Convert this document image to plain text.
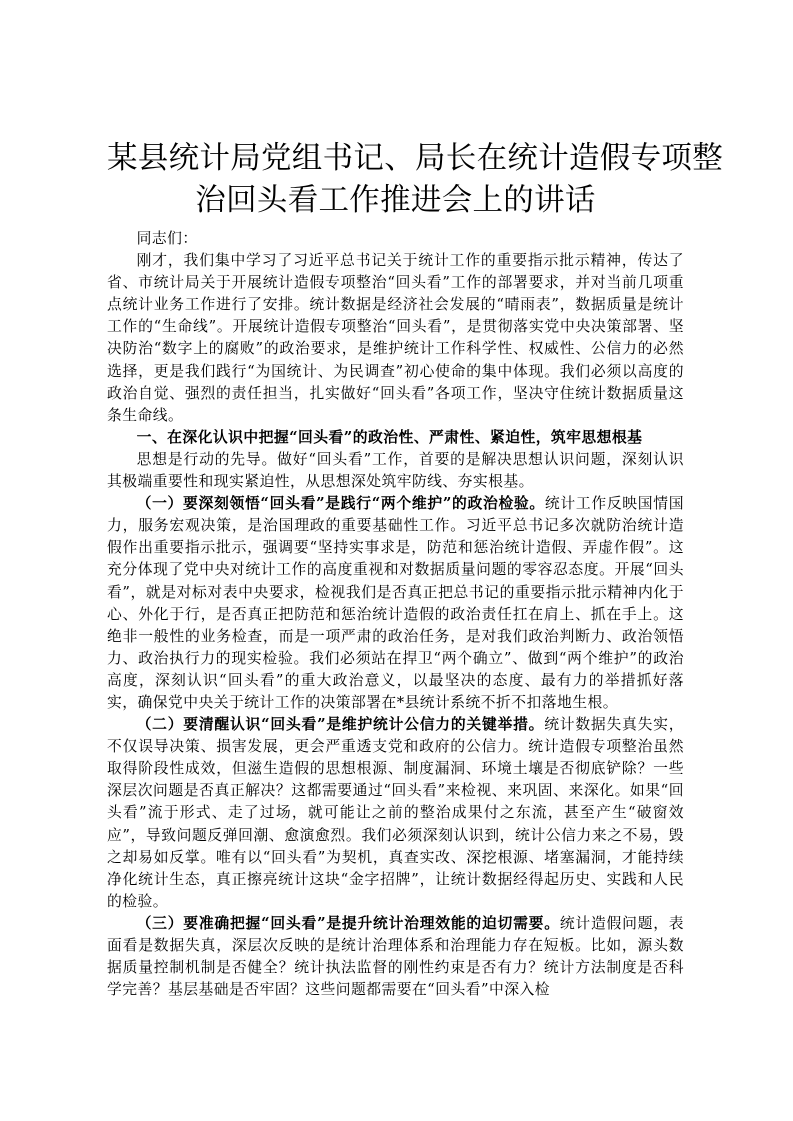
某县统计局党组书记、局长在统计造假专项整
治回头看工作推进会上的讲话

同志们：

刚才，我们集中学习了习近平总书记关于统计工作的重要指示批示精神，传达了省、市统计局关于开展统计造假专项整治“回头看”工作的部署要求，并对当前几项重点统计业务工作进行了安排。统计数据是经济社会发展的“晴雨表”，数据质量是统计工作的“生命线”。开展统计造假专项整治“回头看”，是贯彻落实党中央决策部署、坚决防治“数字上的腐败”的政治要求，是维护统计工作科学性、权威性、公信力的必然选择，更是我们践行“为国统计、为民调查”初心使命的集中体现。我们必须以高度的政治自觉、强烈的责任担当，扎实做好“回头看”各项工作，坚决守住统计数据质量这条生命线。

一、在深化认识中把握“回头看”的政治性、严肃性、紧迫性，筑牢思想根基

思想是行动的先导。做好“回头看”工作，首要的是解决思想认识问题，深刻认识其极端重要性和现实紧迫性，从思想深处筑牢防线、夯实根基。

（一）要深刻领悟“回头看”是践行“两个维护”的政治检验。统计工作反映国情国力，服务宏观决策，是治国理政的重要基础性工作。习近平总书记多次就防治统计造假作出重要指示批示，强调要“坚持实事求是，防范和惩治统计造假、弄虚作假”。这充分体现了党中央对统计工作的高度重视和对数据质量问题的零容忍态度。开展“回头看”，就是对标对表中央要求，检视我们是否真正把总书记的重要指示批示精神内化于心、外化于行，是否真正把防范和惩治统计造假的政治责任扛在肩上、抓在手上。这绝非一般性的业务检查，而是一项严肃的政治任务，是对我们政治判断力、政治领悟力、政治执行力的现实检验。我们必须站在捍卫“两个确立”、做到“两个维护”的政治高度，深刻认识“回头看”的重大政治意义，以最坚决的态度、最有力的举措抓好落实，确保党中央关于统计工作的决策部署在*县统计系统不折不扣落地生根。

（二）要清醒认识“回头看”是维护统计公信力的关键举措。统计数据失真失实，不仅误导决策、损害发展，更会严重透支党和政府的公信力。统计造假专项整治虽然取得阶段性成效，但滋生造假的思想根源、制度漏洞、环境土壤是否彻底铲除？一些深层次问题是否真正解决？这都需要通过“回头看”来检视、来巩固、来深化。如果“回头看”流于形式、走了过场，就可能让之前的整治成果付之东流，甚至产生“破窗效应”，导致问题反弹回潮、愈演愈烈。我们必须深刻认识到，统计公信力来之不易，毁之却易如反掌。唯有以“回头看”为契机，真查实改、深挖根源、堵塞漏洞，才能持续净化统计生态，真正擦亮统计这块“金字招牌”，让统计数据经得起历史、实践和人民的检验。

（三）要准确把握“回头看”是提升统计治理效能的迫切需要。统计造假问题，表面看是数据失真，深层次反映的是统计治理体系和治理能力存在短板。比如，源头数据质量控制机制是否健全？统计执法监督的刚性约束是否有力？统计方法制度是否科学完善？基层基础是否牢固？这些问题都需要在“回头看”中深入检
